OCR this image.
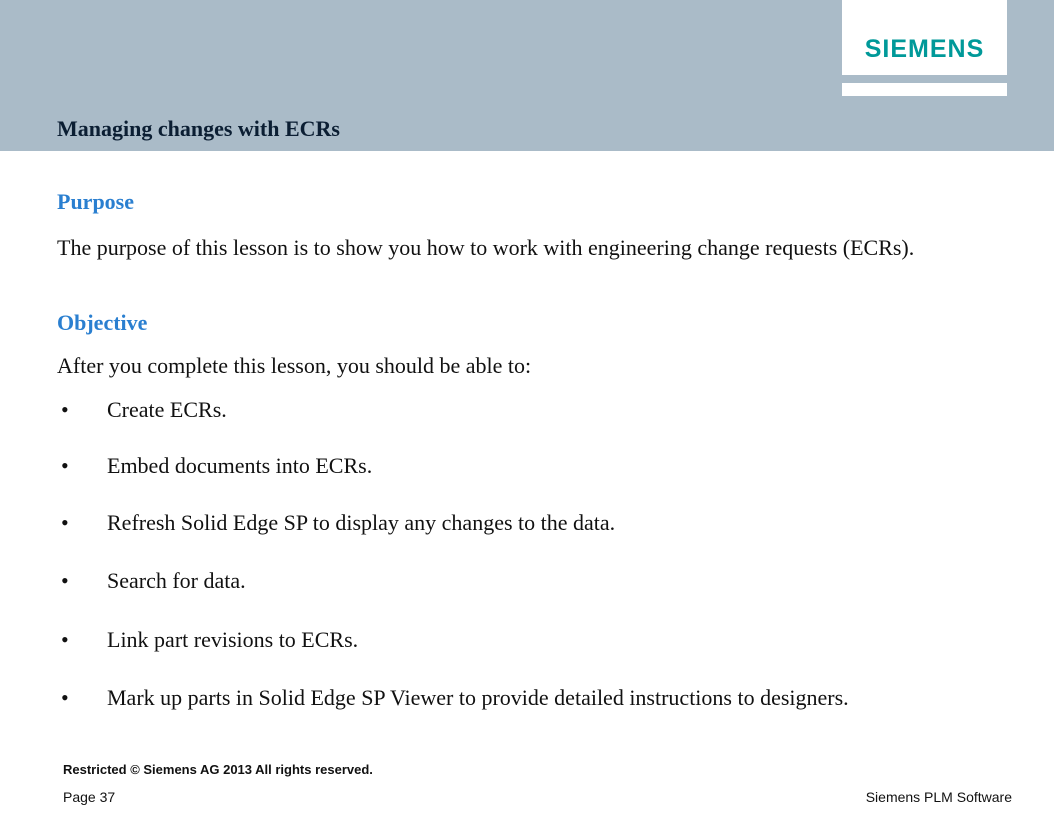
SIEMENS
Managing changes with ECRs
Purpose
The purpose of this lesson is to show you how to work with engineering change requests (ECRs).
Objective
After you complete this lesson, you should be able to:
•	Create ECRs.
•	Embed documents into ECRs.
•	Refresh Solid Edge SP to display any changes to the data.
•	Search for data.
•	Link part revisions to ECRs.
•	Mark up parts in Solid Edge SP Viewer to provide detailed instructions to designers.
Restricted © Siemens AG 2013 All rights reserved.
Page 37	Siemens PLM Software
